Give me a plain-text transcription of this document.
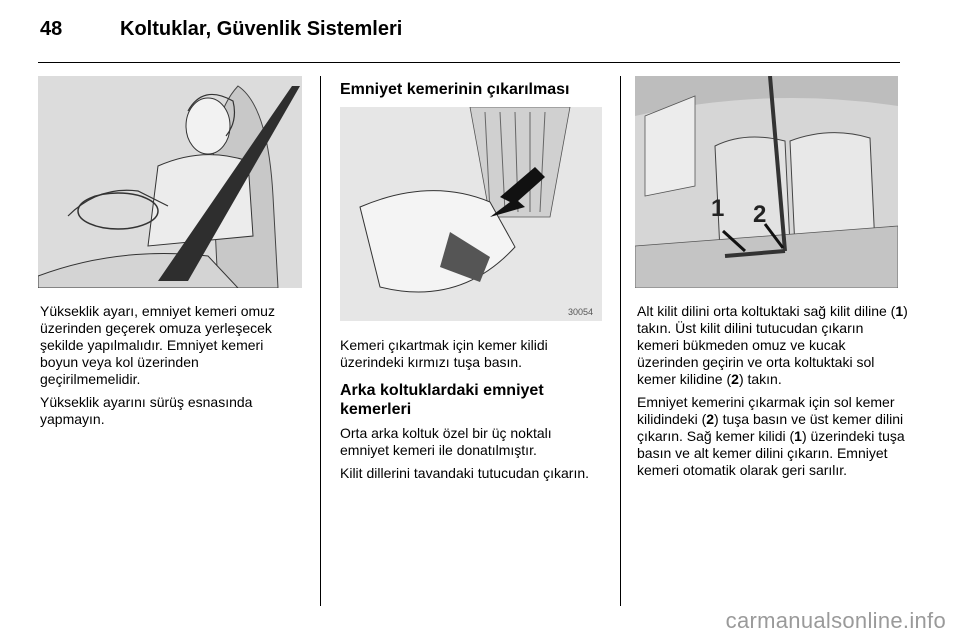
48	Koltuklar, Güvenlik Sistemleri

Yükseklik ayarı, emniyet kemeri omuz üzerinden geçerek omuza yerleşecek şekilde yapılmalıdır. Emniyet kemeri boyun veya kol üzerinden geçirilmemelidir.

Yükseklik ayarını sürüş esnasında yapmayın.

Emniyet kemerinin çıkarılması
30054

Kemeri çıkartmak için kemer kilidi üzerindeki kırmızı tuşa basın.

Arka koltuklardaki emniyet kemerleri

Orta arka koltuk özel bir üç noktalı emniyet kemeri ile donatılmıştır.

Kilit dillerini tavandaki tutucudan çıkarın.

1 2

Alt kilit dilini orta koltuktaki sağ kilit diline (1) takın. Üst kilit dilini tutucudan çıkarın kemeri bükmeden omuz ve kucak üzerinden geçirin ve orta koltuktaki sol kemer kilidine (2) takın.

Emniyet kemerini çıkarmak için sol kemer kilidindeki (2) tuşa basın ve üst kemer dilini çıkarın. Sağ kemer kilidi (1) üzerindeki tuşa basın ve alt kemer dilini çıkarın. Emniyet kemeri otomatik olarak geri sarılır.

carmanualsonline.info
